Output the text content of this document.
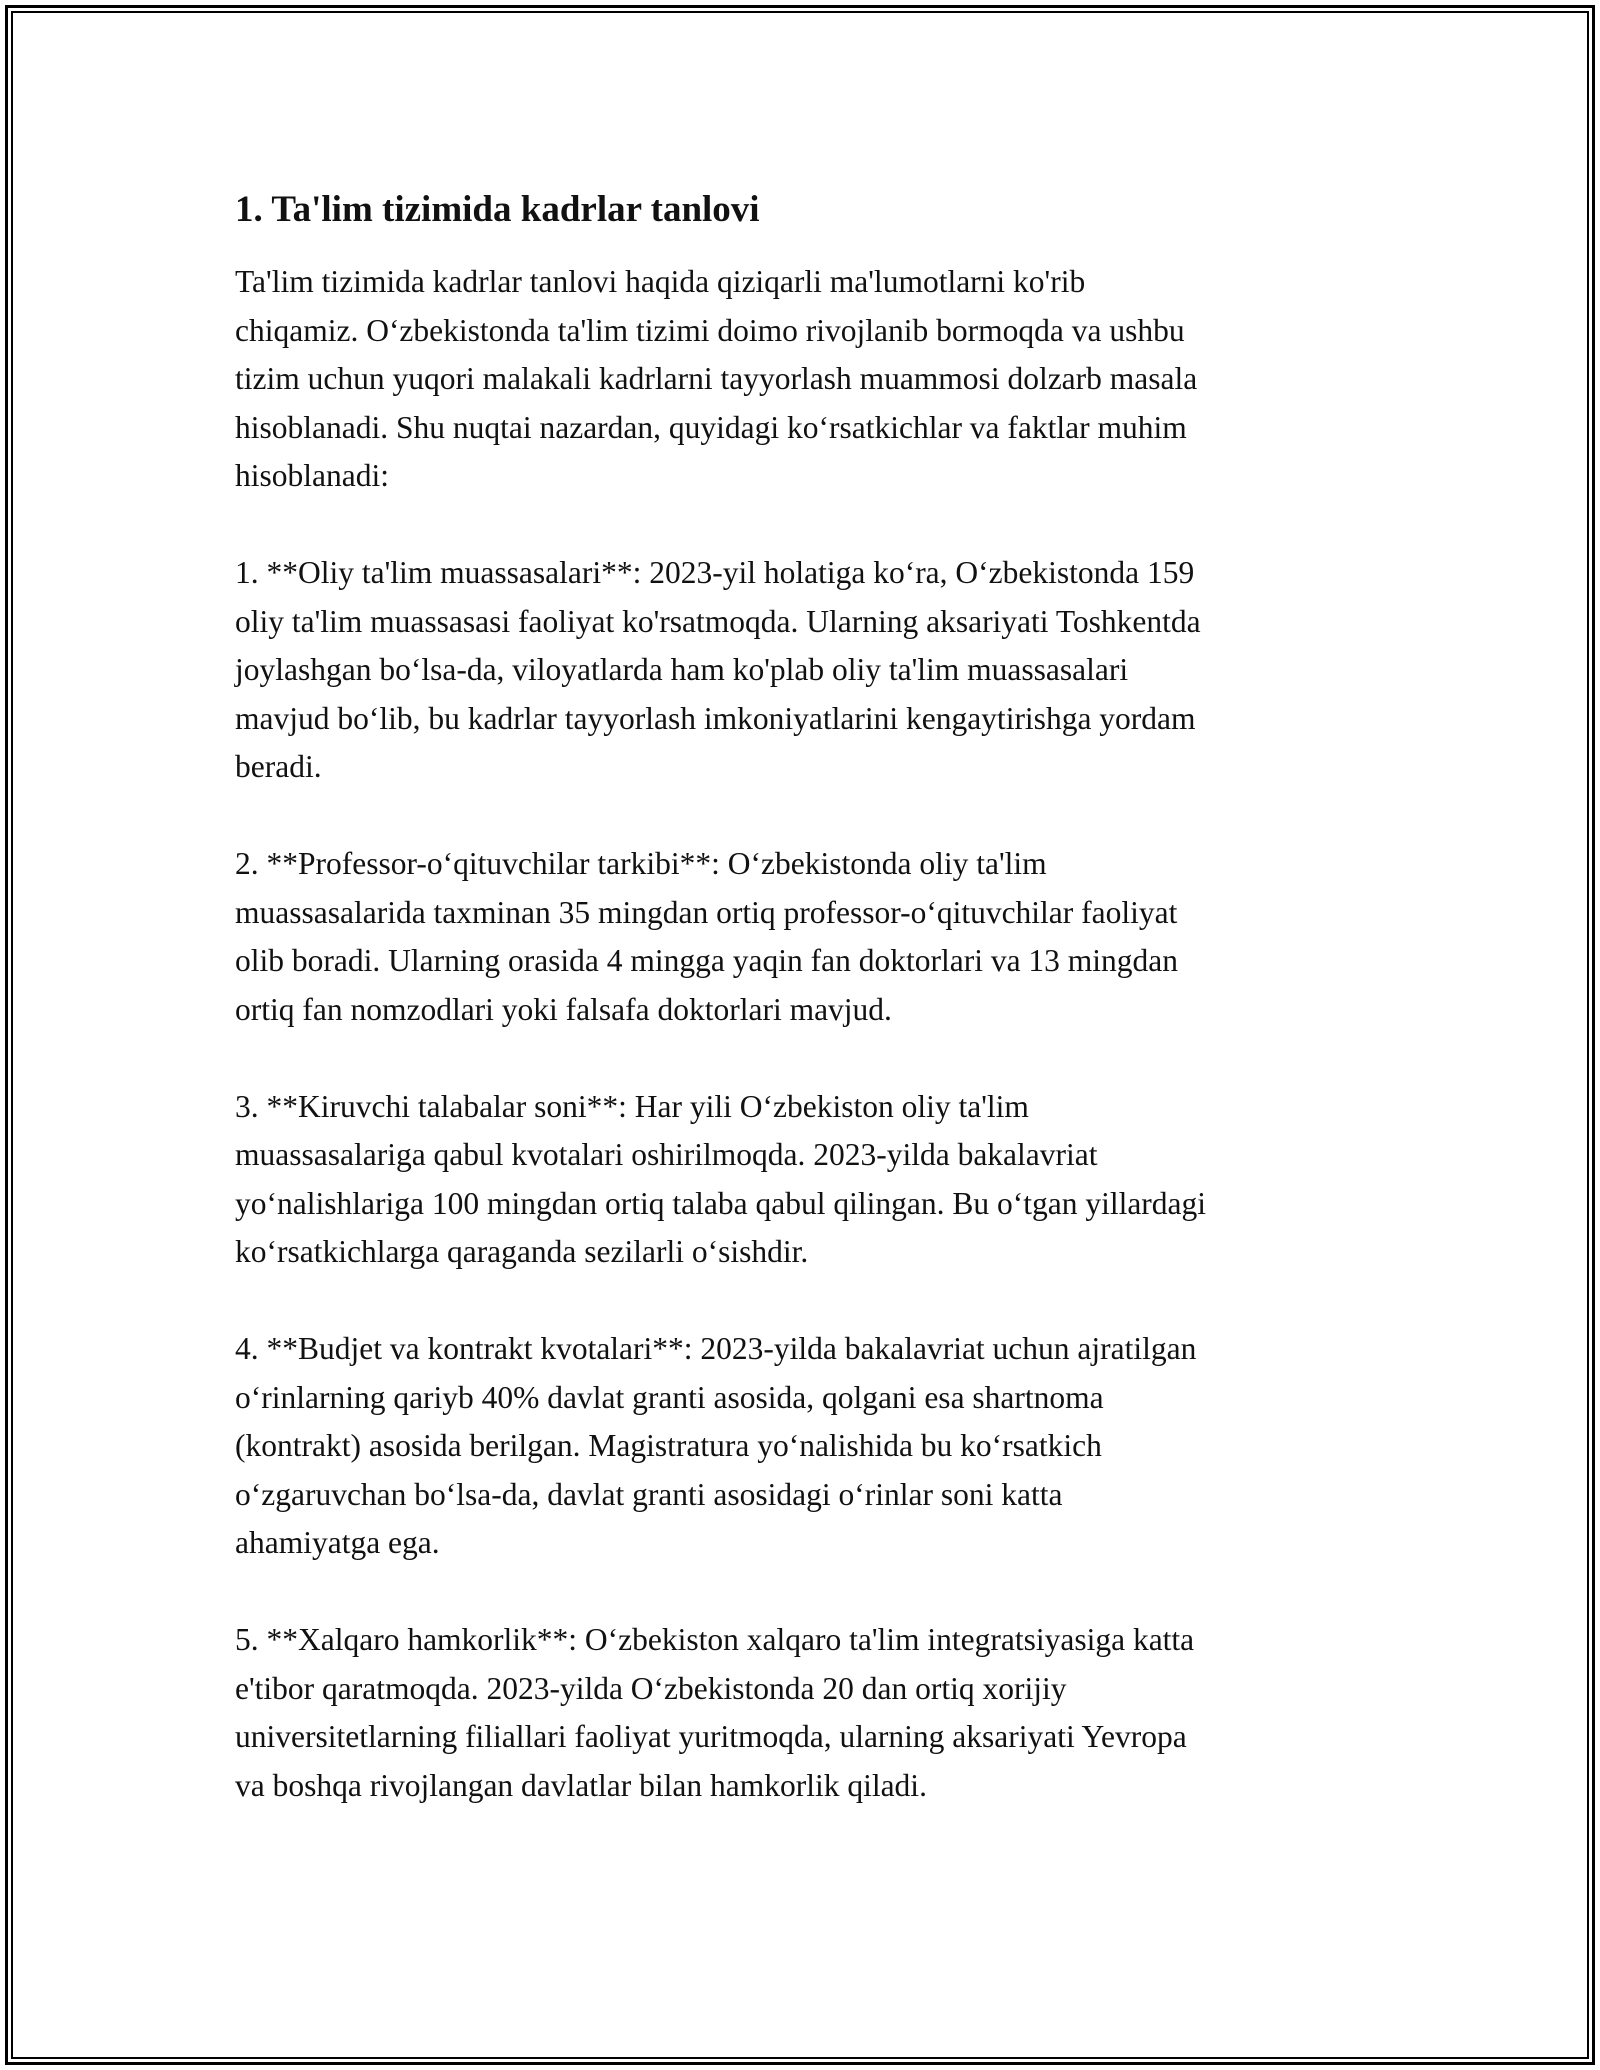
1. Ta'lim tizimida kadrlar tanlovi

Ta'lim tizimida kadrlar tanlovi haqida qiziqarli ma'lumotlarni ko'rib
chiqamiz. O‘zbekistonda ta'lim tizimi doimo rivojlanib bormoqda va ushbu
tizim uchun yuqori malakali kadrlarni tayyorlash muammosi dolzarb masala
hisoblanadi. Shu nuqtai nazardan, quyidagi ko‘rsatkichlar va faktlar muhim
hisoblanadi:

1. **Oliy ta'lim muassasalari**: 2023-yil holatiga ko‘ra, O‘zbekistonda 159
oliy ta'lim muassasasi faoliyat ko'rsatmoqda. Ularning aksariyati Toshkentda
joylashgan bo‘lsa-da, viloyatlarda ham ko'plab oliy ta'lim muassasalari
mavjud bo‘lib, bu kadrlar tayyorlash imkoniyatlarini kengaytirishga yordam
beradi.

2. **Professor-o‘qituvchilar tarkibi**: O‘zbekistonda oliy ta'lim
muassasalarida taxminan 35 mingdan ortiq professor-o‘qituvchilar faoliyat
olib boradi. Ularning orasida 4 mingga yaqin fan doktorlari va 13 mingdan
ortiq fan nomzodlari yoki falsafa doktorlari mavjud.

3. **Kiruvchi talabalar soni**: Har yili O‘zbekiston oliy ta'lim
muassasalariga qabul kvotalari oshirilmoqda. 2023-yilda bakalavriat
yo‘nalishlariga 100 mingdan ortiq talaba qabul qilingan. Bu o‘tgan yillardagi
ko‘rsatkichlarga qaraganda sezilarli o‘sishdir.

4. **Budjet va kontrakt kvotalari**: 2023-yilda bakalavriat uchun ajratilgan
o‘rinlarning qariyb 40% davlat granti asosida, qolgani esa shartnoma
(kontrakt) asosida berilgan. Magistratura yo‘nalishida bu ko‘rsatkich
o‘zgaruvchan bo‘lsa-da, davlat granti asosidagi o‘rinlar soni katta
ahamiyatga ega.

5. **Xalqaro hamkorlik**: O‘zbekiston xalqaro ta'lim integratsiyasiga katta
e'tibor qaratmoqda. 2023-yilda O‘zbekistonda 20 dan ortiq xorijiy
universitetlarning filiallari faoliyat yuritmoqda, ularning aksariyati Yevropa
va boshqa rivojlangan davlatlar bilan hamkorlik qiladi.
